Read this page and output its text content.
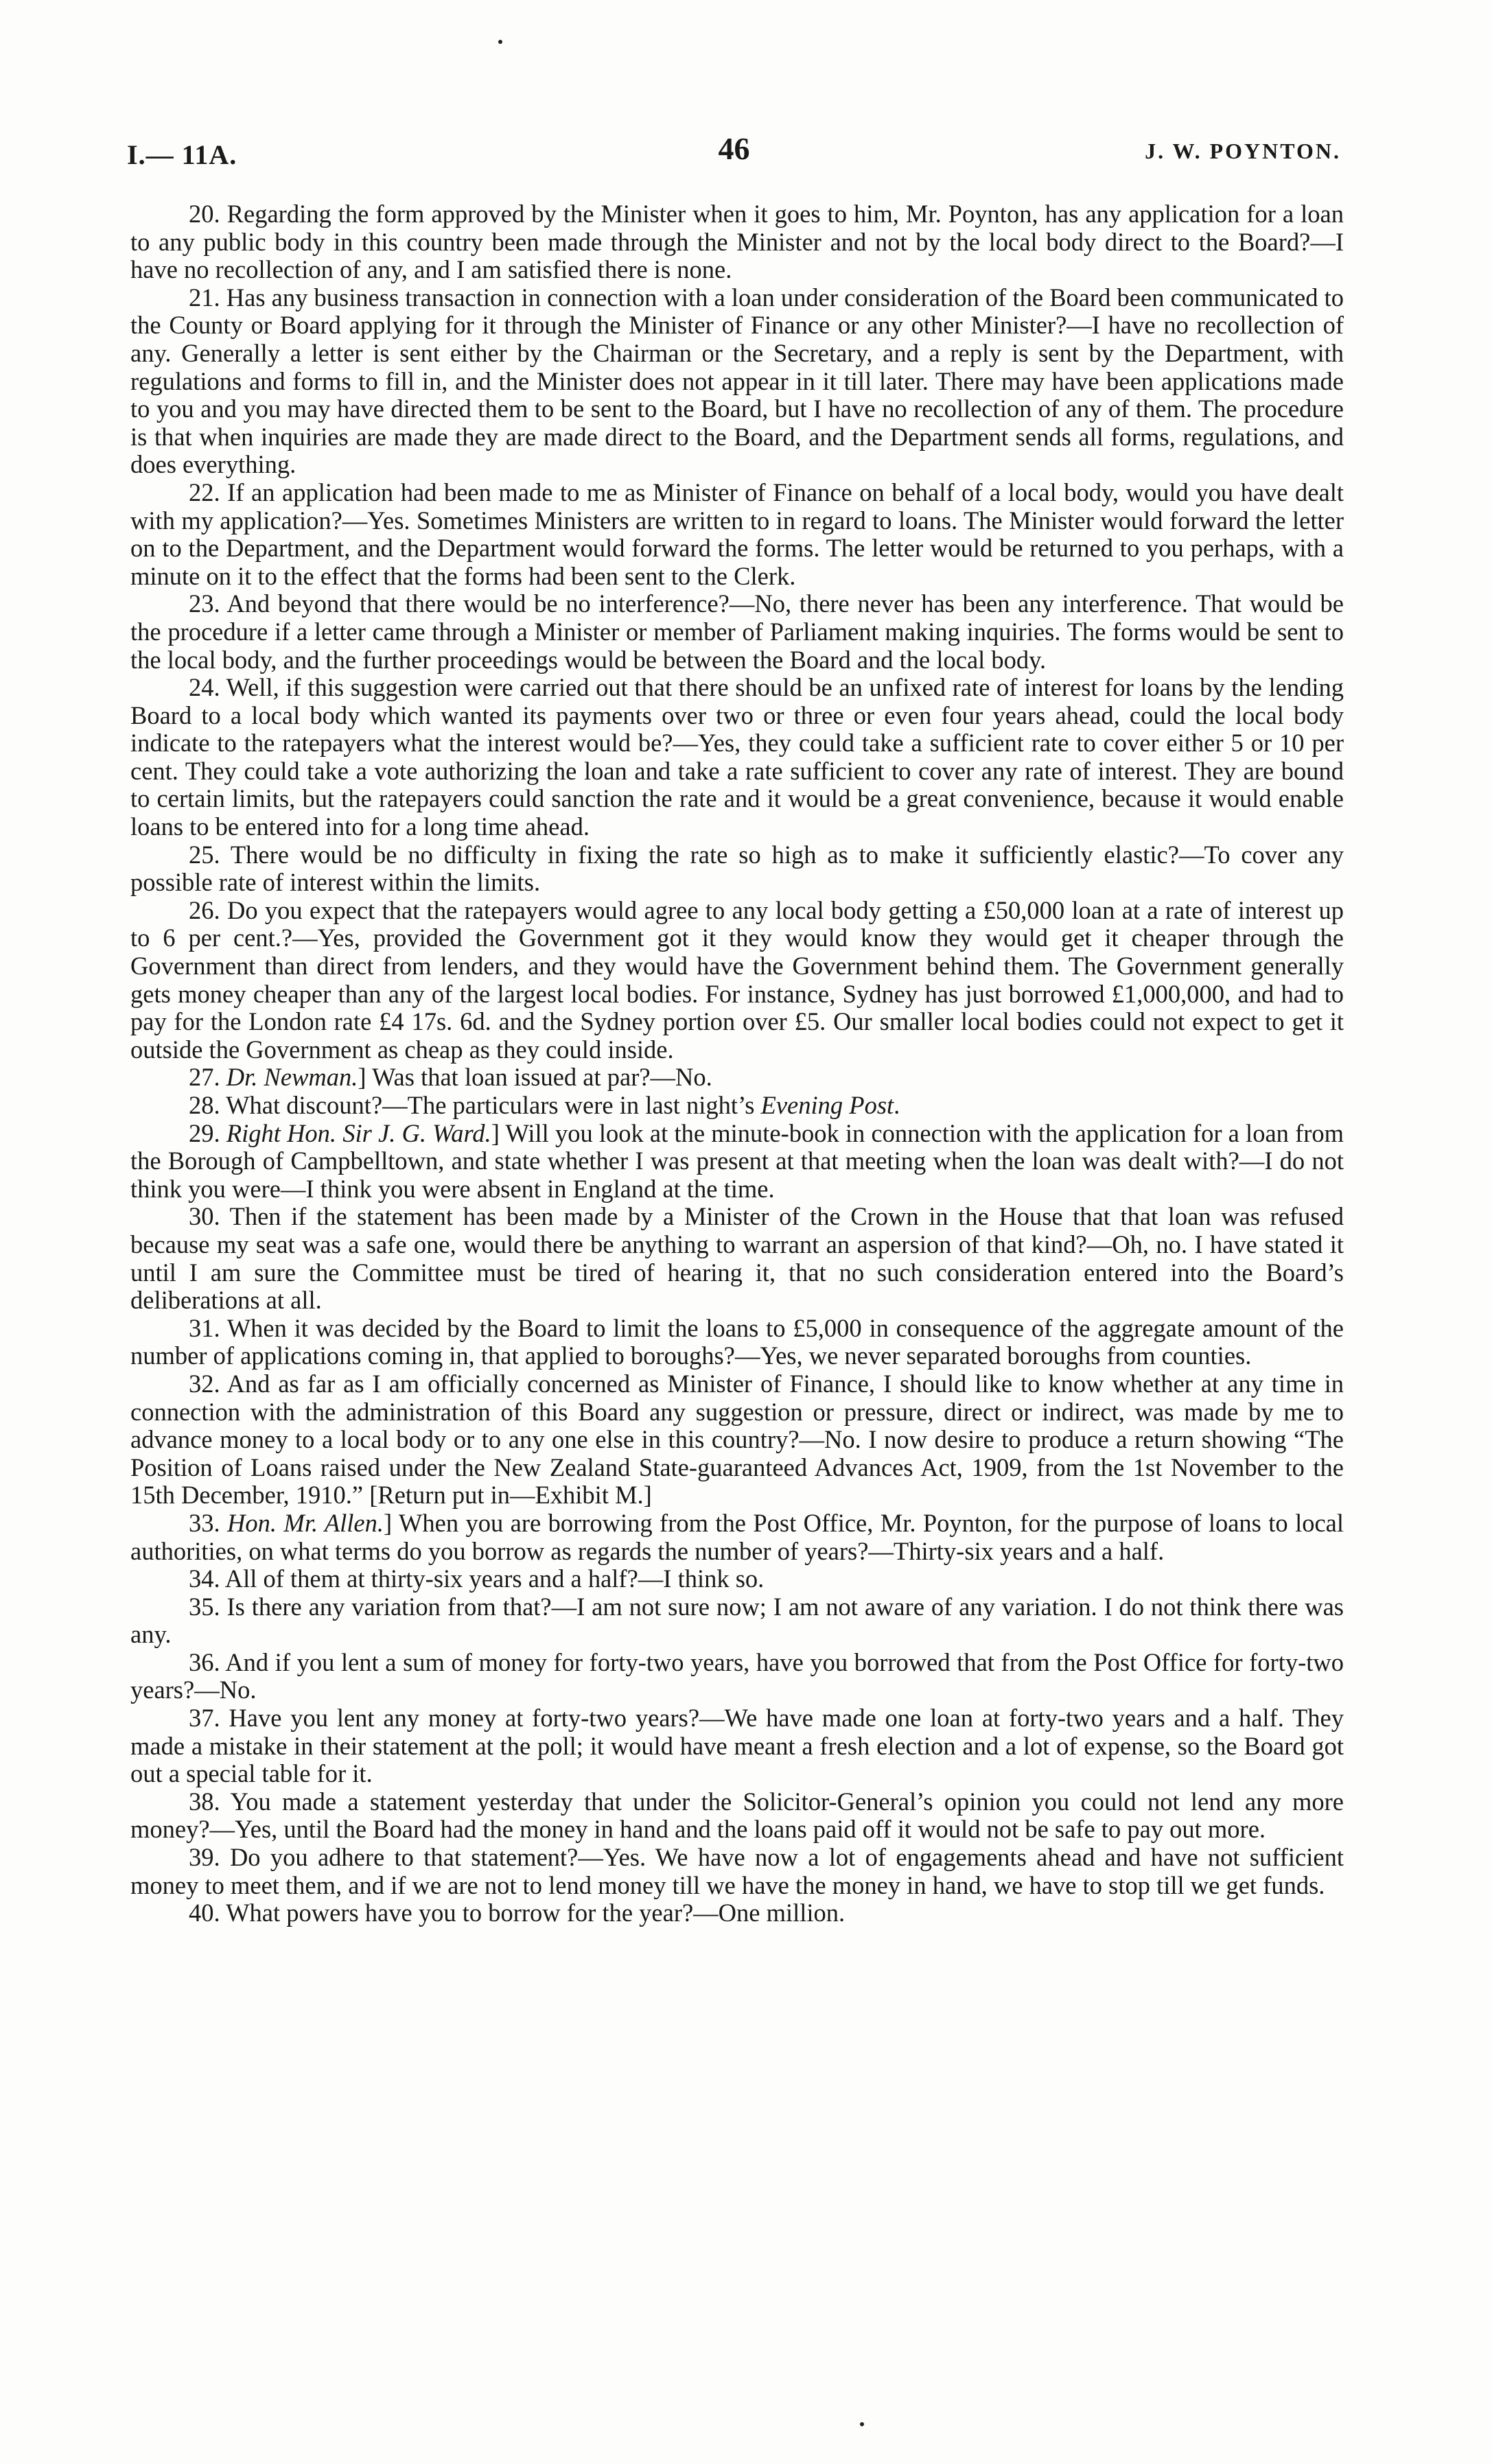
I.— 11A.	46	J. W. POYNTON.

20. Regarding the form approved by the Minister when it goes to him, Mr. Poynton, has any application for a loan to any public body in this country been made through the Minister and not by the local body direct to the Board?—I have no recollection of any, and I am satisfied there is none.

21. Has any business transaction in connection with a loan under consideration of the Board been communicated to the County or Board applying for it through the Minister of Finance or any other Minister?—I have no recollection of any. Generally a letter is sent either by the Chairman or the Secretary, and a reply is sent by the Department, with regulations and forms to fill in, and the Minister does not appear in it till later. There may have been applications made to you and you may have directed them to be sent to the Board, but I have no recollection of any of them. The procedure is that when inquiries are made they are made direct to the Board, and the Department sends all forms, regulations, and does everything.

22. If an application had been made to me as Minister of Finance on behalf of a local body, would you have dealt with my application?—Yes. Sometimes Ministers are written to in regard to loans. The Minister would forward the letter on to the Department, and the Department would forward the forms. The letter would be returned to you perhaps, with a minute on it to the effect that the forms had been sent to the Clerk.

23. And beyond that there would be no interference?—No, there never has been any interference. That would be the procedure if a letter came through a Minister or member of Parliament making inquiries. The forms would be sent to the local body, and the further proceedings would be between the Board and the local body.

24. Well, if this suggestion were carried out that there should be an unfixed rate of interest for loans by the lending Board to a local body which wanted its payments over two or three or even four years ahead, could the local body indicate to the ratepayers what the interest would be?—Yes, they could take a sufficient rate to cover either 5 or 10 per cent. They could take a vote authorizing the loan and take a rate sufficient to cover any rate of interest. They are bound to certain limits, but the ratepayers could sanction the rate and it would be a great convenience, because it would enable loans to be entered into for a long time ahead.

25. There would be no difficulty in fixing the rate so high as to make it sufficiently elastic?—To cover any possible rate of interest within the limits.

26. Do you expect that the ratepayers would agree to any local body getting a £50,000 loan at a rate of interest up to 6 per cent.?—Yes, provided the Government got it they would know they would get it cheaper through the Government than direct from lenders, and they would have the Government behind them. The Government generally gets money cheaper than any of the largest local bodies. For instance, Sydney has just borrowed £1,000,000, and had to pay for the London rate £4 17s. 6d. and the Sydney portion over £5. Our smaller local bodies could not expect to get it outside the Government as cheap as they could inside.

27. Dr. Newman.] Was that loan issued at par?—No.

28. What discount?—The particulars were in last night’s Evening Post.

29. Right Hon. Sir J. G. Ward.] Will you look at the minute-book in connection with the application for a loan from the Borough of Campbelltown, and state whether I was present at that meeting when the loan was dealt with?—I do not think you were—I think you were absent in England at the time.

30. Then if the statement has been made by a Minister of the Crown in the House that that loan was refused because my seat was a safe one, would there be anything to warrant an aspersion of that kind?—Oh, no. I have stated it until I am sure the Committee must be tired of hearing it, that no such consideration entered into the Board’s deliberations at all.

31. When it was decided by the Board to limit the loans to £5,000 in consequence of the aggregate amount of the number of applications coming in, that applied to boroughs?—Yes, we never separated boroughs from counties.

32. And as far as I am officially concerned as Minister of Finance, I should like to know whether at any time in connection with the administration of this Board any suggestion or pressure, direct or indirect, was made by me to advance money to a local body or to any one else in this country?—No. I now desire to produce a return showing “The Position of Loans raised under the New Zealand State-guaranteed Advances Act, 1909, from the 1st November to the 15th December, 1910.” [Return put in—Exhibit M.]

33. Hon. Mr. Allen.] When you are borrowing from the Post Office, Mr. Poynton, for the purpose of loans to local authorities, on what terms do you borrow as regards the number of years?—Thirty-six years and a half.

34. All of them at thirty-six years and a half?—I think so.

35. Is there any variation from that?—I am not sure now; I am not aware of any variation. I do not think there was any.

36. And if you lent a sum of money for forty-two years, have you borrowed that from the Post Office for forty-two years?—No.

37. Have you lent any money at forty-two years?—We have made one loan at forty-two years and a half. They made a mistake in their statement at the poll; it would have meant a fresh election and a lot of expense, so the Board got out a special table for it.

38. You made a statement yesterday that under the Solicitor-General’s opinion you could not lend any more money?—Yes, until the Board had the money in hand and the loans paid off it would not be safe to pay out more.

39. Do you adhere to that statement?—Yes. We have now a lot of engagements ahead and have not sufficient money to meet them, and if we are not to lend money till we have the money in hand, we have to stop till we get funds.

40. What powers have you to borrow for the year?—One million.
